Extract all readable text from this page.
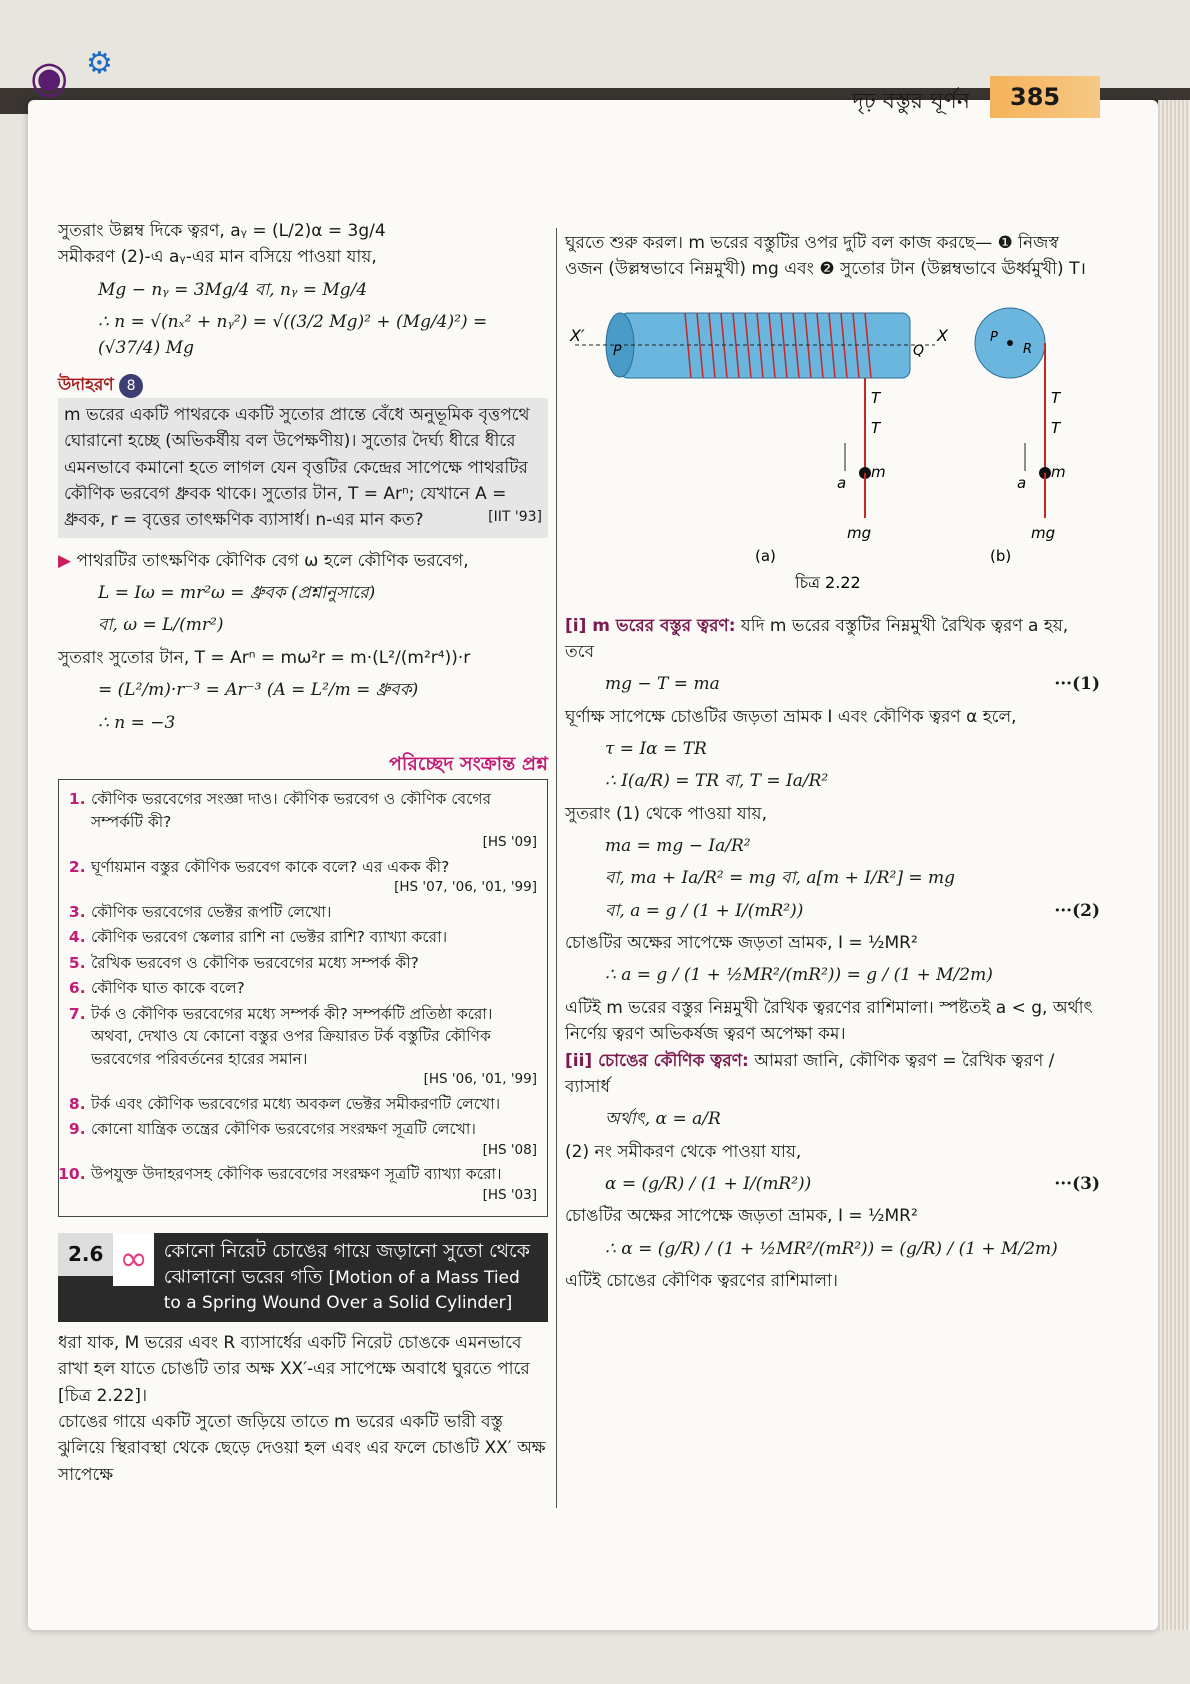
◉ ⚙
দৃঢ় বস্তুর ঘূর্ণন	385
সুতরাং উল্লম্ব দিকে ত্বরণ, aᵧ = (L/2)α = 3g/4
সমীকরণ (2)-এ aᵧ-এর মান বসিয়ে পাওয়া যায়,
Mg − nᵧ = 3Mg/4 বা, nᵧ = Mg/4
∴ n = √(nₓ² + nᵧ²) = √((3/2 Mg)² + (Mg/4)²) = (√37/4) Mg
উদাহরণ 8
m ভরের একটি পাথরকে একটি সুতোর প্রান্তে বেঁধে অনুভূমিক বৃত্তপথে ঘোরানো হচ্ছে (অভিকর্ষীয় বল উপেক্ষণীয়)। সুতোর দৈর্ঘ্য ধীরে ধীরে এমনভাবে কমানো হতে লাগল যেন বৃত্তটির কেন্দ্রের সাপেক্ষে পাথরটির কৌণিক ভরবেগ ধ্রুবক থাকে। সুতোর টান, T = Arⁿ; যেখানে A = ধ্রুবক, r = বৃত্তের তাৎক্ষণিক ব্যাসার্ধ। n-এর মান কত?	[IIT '93]
▶ পাথরটির তাৎক্ষণিক কৌণিক বেগ ω হলে কৌণিক ভরবেগ,
L = Iω = mr²ω = ধ্রুবক (প্রশ্নানুসারে)
বা, ω = L/(mr²)
সুতরাং সুতোর টান, T = Arⁿ = mω²r = m·(L²/(m²r⁴))·r
= (L²/m)·r⁻³ = Ar⁻³ (A = L²/m = ধ্রুবক)
∴ n = −3
পরিচ্ছেদ সংক্রান্ত প্রশ্ন
1. কৌণিক ভরবেগের সংজ্ঞা দাও। কৌণিক ভরবেগ ও কৌণিক বেগের সম্পর্কটি কী?
[HS '09]
2. ঘূর্ণায়মান বস্তুর কৌণিক ভরবেগ কাকে বলে? এর একক কী?
[HS '07, '06, '01, '99]
3. কৌণিক ভরবেগের ভেক্টর রূপটি লেখো।
4. কৌণিক ভরবেগ স্কেলার রাশি না ভেক্টর রাশি? ব্যাখ্যা করো।
5. রৈখিক ভরবেগ ও কৌণিক ভরবেগের মধ্যে সম্পর্ক কী?
6. কৌণিক ঘাত কাকে বলে?
7. টর্ক ও কৌণিক ভরবেগের মধ্যে সম্পর্ক কী? সম্পর্কটি প্রতিষ্ঠা করো। অথবা, দেখাও যে কোনো বস্তুর ওপর ক্রিয়ারত টর্ক বস্তুটির কৌণিক ভরবেগের পরিবর্তনের হারের সমান।
[HS '06, '01, '99]
8. টর্ক এবং কৌণিক ভরবেগের মধ্যে অবকল ভেক্টর সমীকরণটি লেখো।
9. কোনো যান্ত্রিক তন্ত্রের কৌণিক ভরবেগের সংরক্ষণ সূত্রটি লেখো।
[HS '08]
10. উপযুক্ত উদাহরণসহ কৌণিক ভরবেগের সংরক্ষণ সূত্রটি ব্যাখ্যা করো।
[HS '03]
2.6 ∞ কোনো নিরেট চোঙের গায়ে জড়ানো সুতো থেকে ঝোলানো ভরের গতি [Motion of a Mass Tied to a Spring Wound Over a Solid Cylinder]
ধরা যাক, M ভরের এবং R ব্যাসার্ধের একটি নিরেট চোঙকে এমনভাবে রাখা হল যাতে চোঙটি তার অক্ষ XX′-এর সাপেক্ষে অবাধে ঘুরতে পারে [চিত্র 2.22]।
চোঙের গায়ে একটি সুতো জড়িয়ে তাতে m ভরের একটি ভারী বস্তু ঝুলিয়ে স্থিরাবস্থা থেকে ছেড়ে দেওয়া হল এবং এর ফলে চোঙটি XX′ অক্ষ সাপেক্ষে
ঘুরতে শুরু করল। m ভরের বস্তুটির ওপর দুটি বল কাজ করছে— ❶ নিজস্ব ওজন (উল্লম্বভাবে নিম্নমুখী) mg এবং ❷ সুতোর টান (উল্লম্বভাবে ঊর্ধ্বমুখী) T।
X′	X
P	Q
T
T
m
a
mg
(a)
P
R
T
T
m
a
mg
(b)
চিত্র 2.22
[i] m ভরের বস্তুর ত্বরণ: যদি m ভরের বস্তুটির নিম্নমুখী রৈখিক ত্বরণ a হয়, তবে
mg − T = ma	···(1)
ঘূর্ণাক্ষ সাপেক্ষে চোঙটির জড়তা ভ্রামক I এবং কৌণিক ত্বরণ α হলে,
τ = Iα = TR
∴ I(a/R) = TR বা, T = Ia/R²
সুতরাং (1) থেকে পাওয়া যায়,
ma = mg − Ia/R²
বা, ma + Ia/R² = mg বা, a[m + I/R²] = mg
বা, a = g / (1 + I/(mR²))	···(2)
চোঙটির অক্ষের সাপেক্ষে জড়তা ভ্রামক, I = ½MR²
∴ a = g / (1 + ½MR²/(mR²)) = g / (1 + M/2m)
এটিই m ভরের বস্তুর নিম্নমুখী রৈখিক ত্বরণের রাশিমালা। স্পষ্টতই a < g, অর্থাৎ নির্ণেয় ত্বরণ অভিকর্ষজ ত্বরণ অপেক্ষা কম।
[ii] চোঙের কৌণিক ত্বরণ: আমরা জানি, কৌণিক ত্বরণ = রৈখিক ত্বরণ / ব্যাসার্ধ
অর্থাৎ, α = a/R
(2) নং সমীকরণ থেকে পাওয়া যায়,
α = (g/R) / (1 + I/(mR²))	···(3)
চোঙটির অক্ষের সাপেক্ষে জড়তা ভ্রামক, I = ½MR²
∴ α = (g/R) / (1 + ½MR²/(mR²)) = (g/R) / (1 + M/2m)
এটিই চোঙের কৌণিক ত্বরণের রাশিমালা।
